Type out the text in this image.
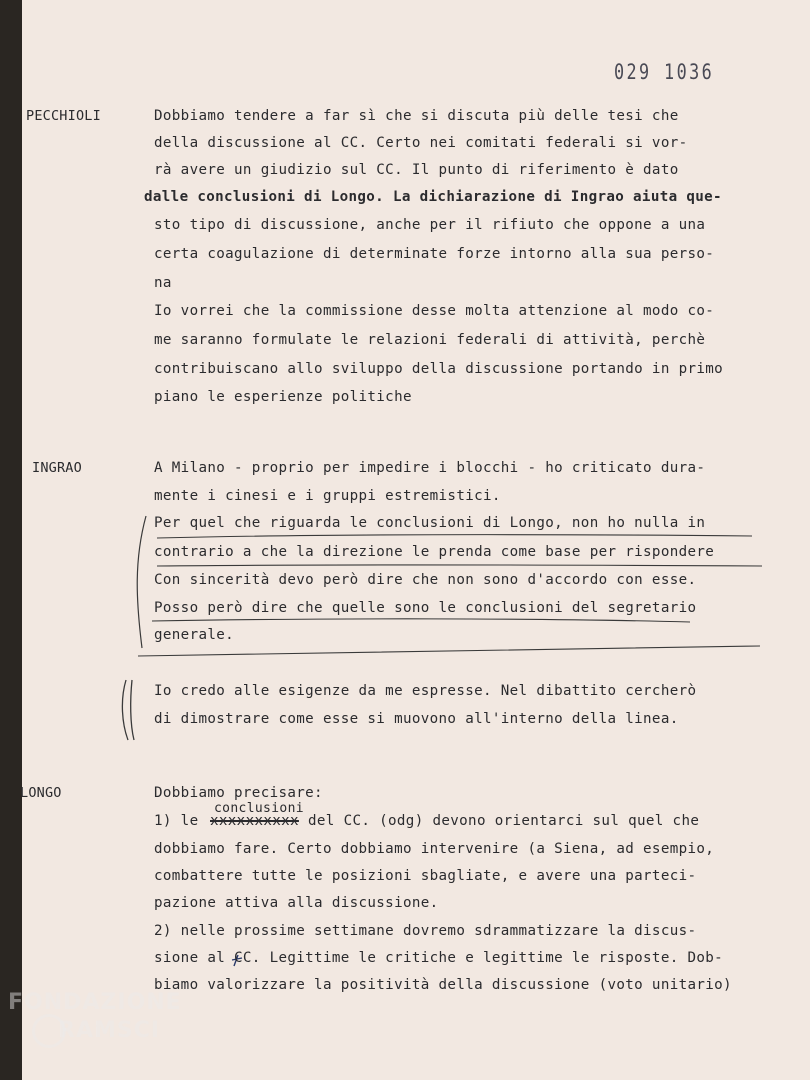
029 1036
PECCHIOLI	Dobbiamo tendere a far sì che si discuta più delle tesi che
della discussione al CC. Certo nei comitati federali si vor-
rà avere un giudizio sul CC. Il punto di riferimento è dato
dalle conclusioni di Longo. La dichiarazione di Ingrao aiuta que-
sto tipo di discussione, anche per il rifiuto che oppone a una
certa coagulazione di determinate forze intorno alla sua perso-
na
Io vorrei che la commissione desse molta attenzione al modo co-
me saranno formulate le relazioni federali di attività, perchè
contribuiscano allo sviluppo della discussione portando in primo
piano le esperienze politiche
INGRAO	A Milano - proprio per impedire i blocchi - ho criticato dura-
mente i cinesi e i gruppi estremistici.
Per quel che riguarda le conclusioni di Longo, non ho nulla in
contrario a che la direzione le prenda come base per rispondere
Con sincerità devo però dire che non sono d'accordo con esse.
Posso però dire che quelle sono le conclusioni del segretario
generale.
Io credo alle esigenze da me espresse. Nel dibattito cercherò
di dimostrare come esse si muovono all'interno della linea.
LONGO	Dobbiamo precisare:
conclusioni
1) le xxxxxxxxxx del CC. (odg) devono orientarci sul quel che
dobbiamo fare. Certo dobbiamo intervenire (a Siena, ad esempio,
combattere tutte le posizioni sbagliate, e avere una parteci-
pazione attiva alla discussione.
2) nelle prossime settimane dovremo sdrammatizzare la discus-
sione al CC. Legittime le critiche e legittime le risposte. Dob-
biamo valorizzare la positività della discussione (voto unitario)
FONDAZIONE
RAMSCI
